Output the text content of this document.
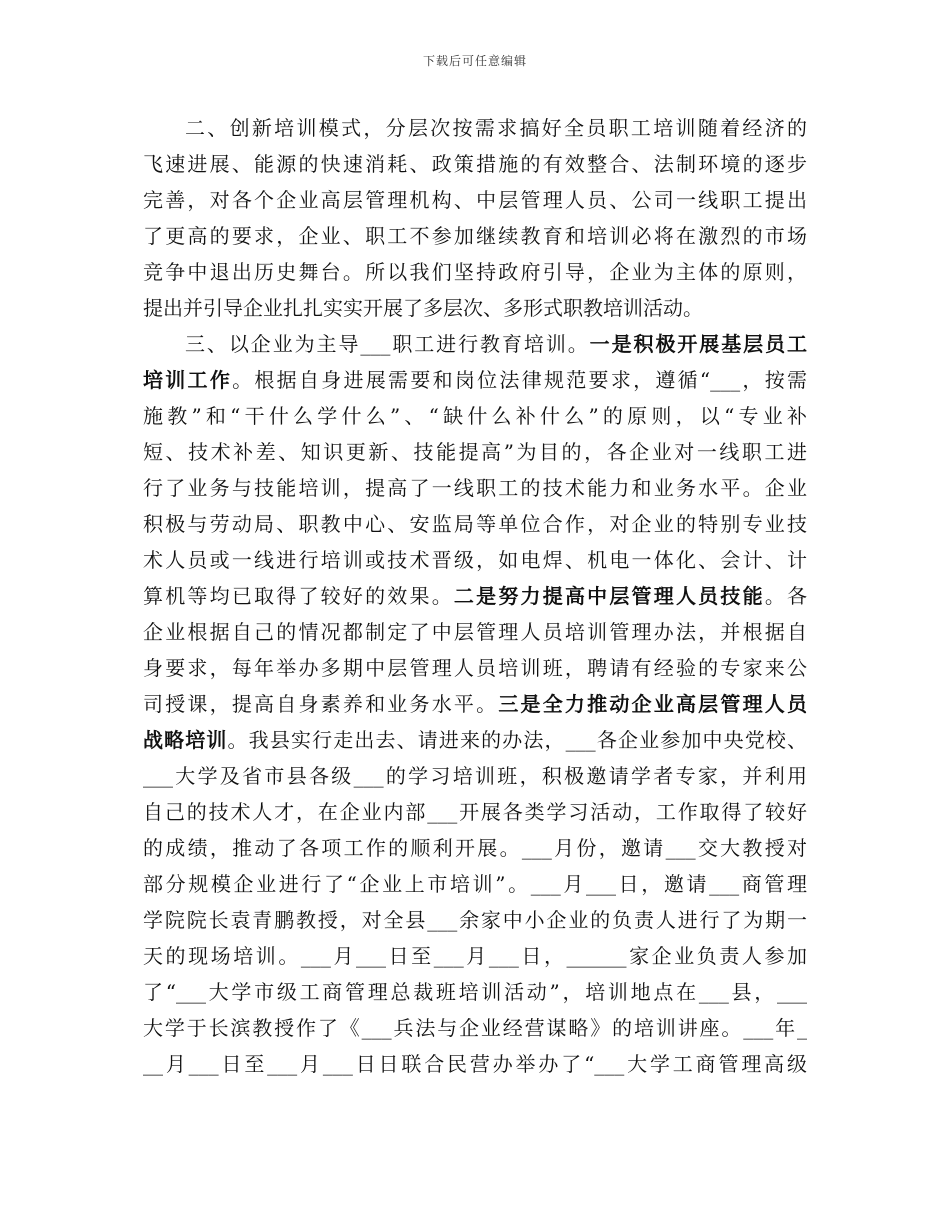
下载后可任意编辑
二、创新培训模式，分层次按需求搞好全员职工培训随着经济的
飞速进展、能源的快速消耗、政策措施的有效整合、法制环境的逐步
完善，对各个企业高层管理机构、中层管理人员、公司一线职工提出
了更高的要求，企业、职工不参加继续教育和培训必将在激烈的市场
竞争中退出历史舞台。所以我们坚持政府引导，企业为主体的原则，
提出并引导企业扎扎实实开展了多层次、多形式职教培训活动。
三、以企业为主导___职工进行教育培训。一是积极开展基层员工
培训工作。根据自身进展需要和岗位法律规范要求，遵循“___，按需
施教”和“干什么学什么”、“缺什么补什么”的原则，以“专业补
短、技术补差、知识更新、技能提高”为目的，各企业对一线职工进
行了业务与技能培训，提高了一线职工的技术能力和业务水平。企业
积极与劳动局、职教中心、安监局等单位合作，对企业的特别专业技
术人员或一线进行培训或技术晋级，如电焊、机电一体化、会计、计
算机等均已取得了较好的效果。二是努力提高中层管理人员技能。各
企业根据自己的情况都制定了中层管理人员培训管理办法，并根据自
身要求，每年举办多期中层管理人员培训班，聘请有经验的专家来公
司授课，提高自身素养和业务水平。三是全力推动企业高层管理人员
战略培训。我县实行走出去、请进来的办法，___各企业参加中央党校、
___大学及省市县各级___的学习培训班，积极邀请学者专家，并利用
自己的技术人才，在企业内部___开展各类学习活动，工作取得了较好
的成绩，推动了各项工作的顺利开展。___月份，邀请___交大教授对
部分规模企业进行了“企业上市培训”。___月___日，邀请___商管理
学院院长袁青鹏教授，对全县___余家中小企业的负责人进行了为期一
天的现场培训。___月___日至___月___日，______家企业负责人参加
了“___大学市级工商管理总裁班培训活动”，培训地点在___县，___
大学于长滨教授作了《___兵法与企业经营谋略》的培训讲座。___年_
__月___日至___月___日日联合民营办举办了“___大学工商管理高级
